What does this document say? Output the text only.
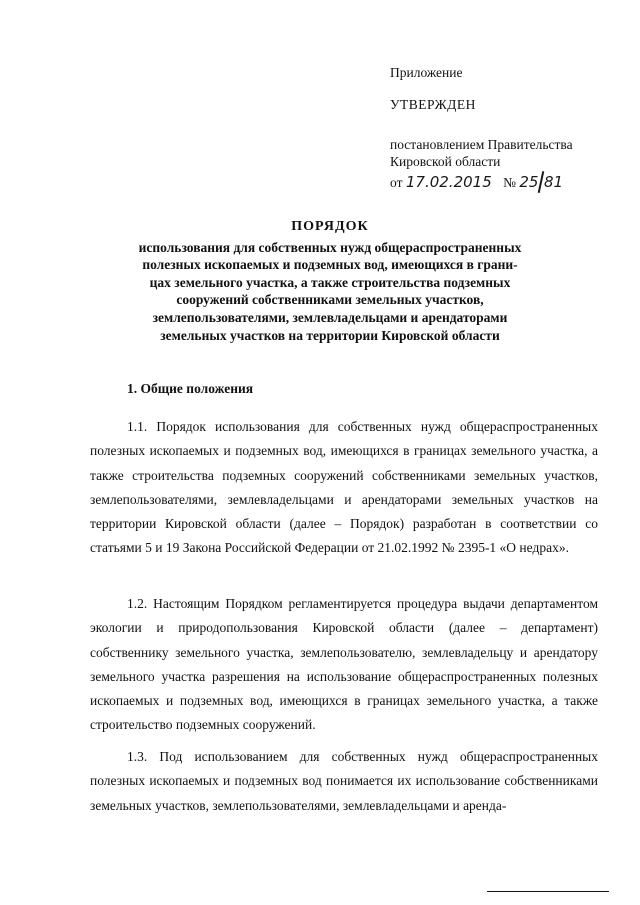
Приложение
УТВЕРЖДЕН
постановлением Правительства
Кировской области
от 17.02.2015 № 25 81
ПОРЯДОК
использования для собственных нужд общераспространенных
полезных ископаемых и подземных вод, имеющихся в грани-
цах земельного участка, а также строительства подземных
сооружений собственниками земельных участков,
землепользователями, землевладельцами и арендаторами
земельных участков на территории Кировской области
1. Общие положения

1.1. Порядок использования для собственных нужд общераспространенных полезных ископаемых и подземных вод, имеющихся в границах земельного участка, а также строительства подземных сооружений собственниками земельных участков, землепользователями, землевладельцами и арендаторами земельных участков на территории Кировской области (далее – Порядок) разработан в соответствии со статьями 5 и 19 Закона Российской Федерации от 21.02.1992 № 2395-1 «О недрах».

1.2. Настоящим Порядком регламентируется процедура выдачи департаментом экологии и природопользования Кировской области (далее – департамент) собственнику земельного участка, землепользователю, землевладельцу и арендатору земельного участка разрешения на использование общераспространенных полезных ископаемых и подземных вод, имеющихся в границах земельного участка, а также строительство подземных сооружений.

1.3. Под использованием для собственных нужд общераспространенных полезных ископаемых и подземных вод понимается их использование собственниками земельных участков, землепользователями, землевладельцами и аренда-
